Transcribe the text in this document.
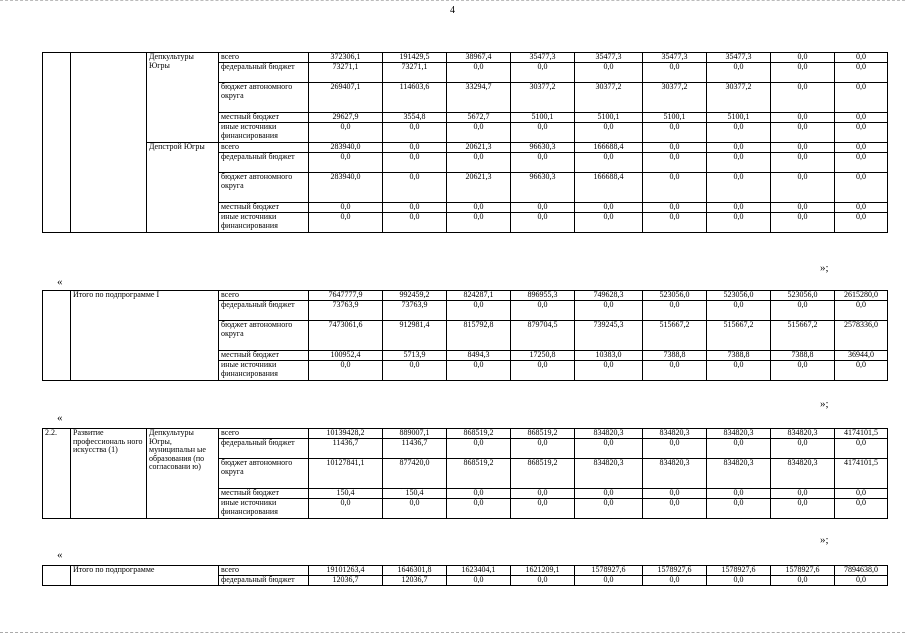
4
		Депкультуры Югры	всего	372306,1	191429,5	38967,4	35477,3	35477,3	35477,3	35477,3	0,0	0,0
			федеральный бюджет	73271,1	73271,1	0,0	0,0	0,0	0,0	0,0	0,0	0,0
			бюджет автономного округа	269407,1	114603,6	33294,7	30377,2	30377,2	30377,2	30377,2	0,0	0,0
			местный бюджет	29627,9	3554,8	5672,7	5100,1	5100,1	5100,1	5100,1	0,0	0,0
			иные источники финансирования	0,0	0,0	0,0	0,0	0,0	0,0	0,0	0,0	0,0
		Депстрой Югры	всего	283940,0	0,0	20621,3	96630,3	166688,4	0,0	0,0	0,0	0,0
			федеральный бюджет	0,0	0,0	0,0	0,0	0,0	0,0	0,0	0,0	0,0
			бюджет автономного округа	283940,0	0,0	20621,3	96630,3	166688,4	0,0	0,0	0,0	0,0
			местный бюджет	0,0	0,0	0,0	0,0	0,0	0,0	0,0	0,0	0,0
			иные источники финансирования	0,0	0,0	0,0	0,0	0,0	0,0	0,0	0,0	0,0
»;
«
	Итого по подпрограмме I	всего	7647777,9	992459,2	824287,1	896955,3	749628,3	523056,0	523056,0	523056,0	2615280,0
		федеральный бюджет	73763,9	73763,9	0,0	0,0	0,0	0,0	0,0	0,0	0,0
		бюджет автономного округа	7473061,6	912981,4	815792,8	879704,5	739245,3	515667,2	515667,2	515667,2	2578336,0
		местный бюджет	100952,4	5713,9	8494,3	17250,8	10383,0	7388,8	7388,8	7388,8	36944,0
		иные источники финансирования	0,0	0,0	0,0	0,0	0,0	0,0	0,0	0,0	0,0
»;
«
2.2.	Развитие профессиональ ного искусства (1)	Депкультуры Югры, муниципальн ые образования (по согласовани ю)	всего	10139428,2	889007,1	868519,2	868519,2	834820,3	834820,3	834820,3	834820,3	4174101,5
			федеральный бюджет	11436,7	11436,7	0,0	0,0	0,0	0,0	0,0	0,0	0,0
			бюджет автономного округа	10127841,1	877420,0	868519,2	868519,2	834820,3	834820,3	834820,3	834820,3	4174101,5
			местный бюджет	150,4	150,4	0,0	0,0	0,0	0,0	0,0	0,0	0,0
			иные источники финансирования	0,0	0,0	0,0	0,0	0,0	0,0	0,0	0,0	0,0
»;
«
	Итого по подпрограмме	всего	19101263,4	1646301,8	1623404,1	1621209,1	1578927,6	1578927,6	1578927,6	1578927,6	7894638,0
		федеральный бюджет	12036,7	12036,7	0,0	0,0	0,0	0,0	0,0	0,0	0,0
